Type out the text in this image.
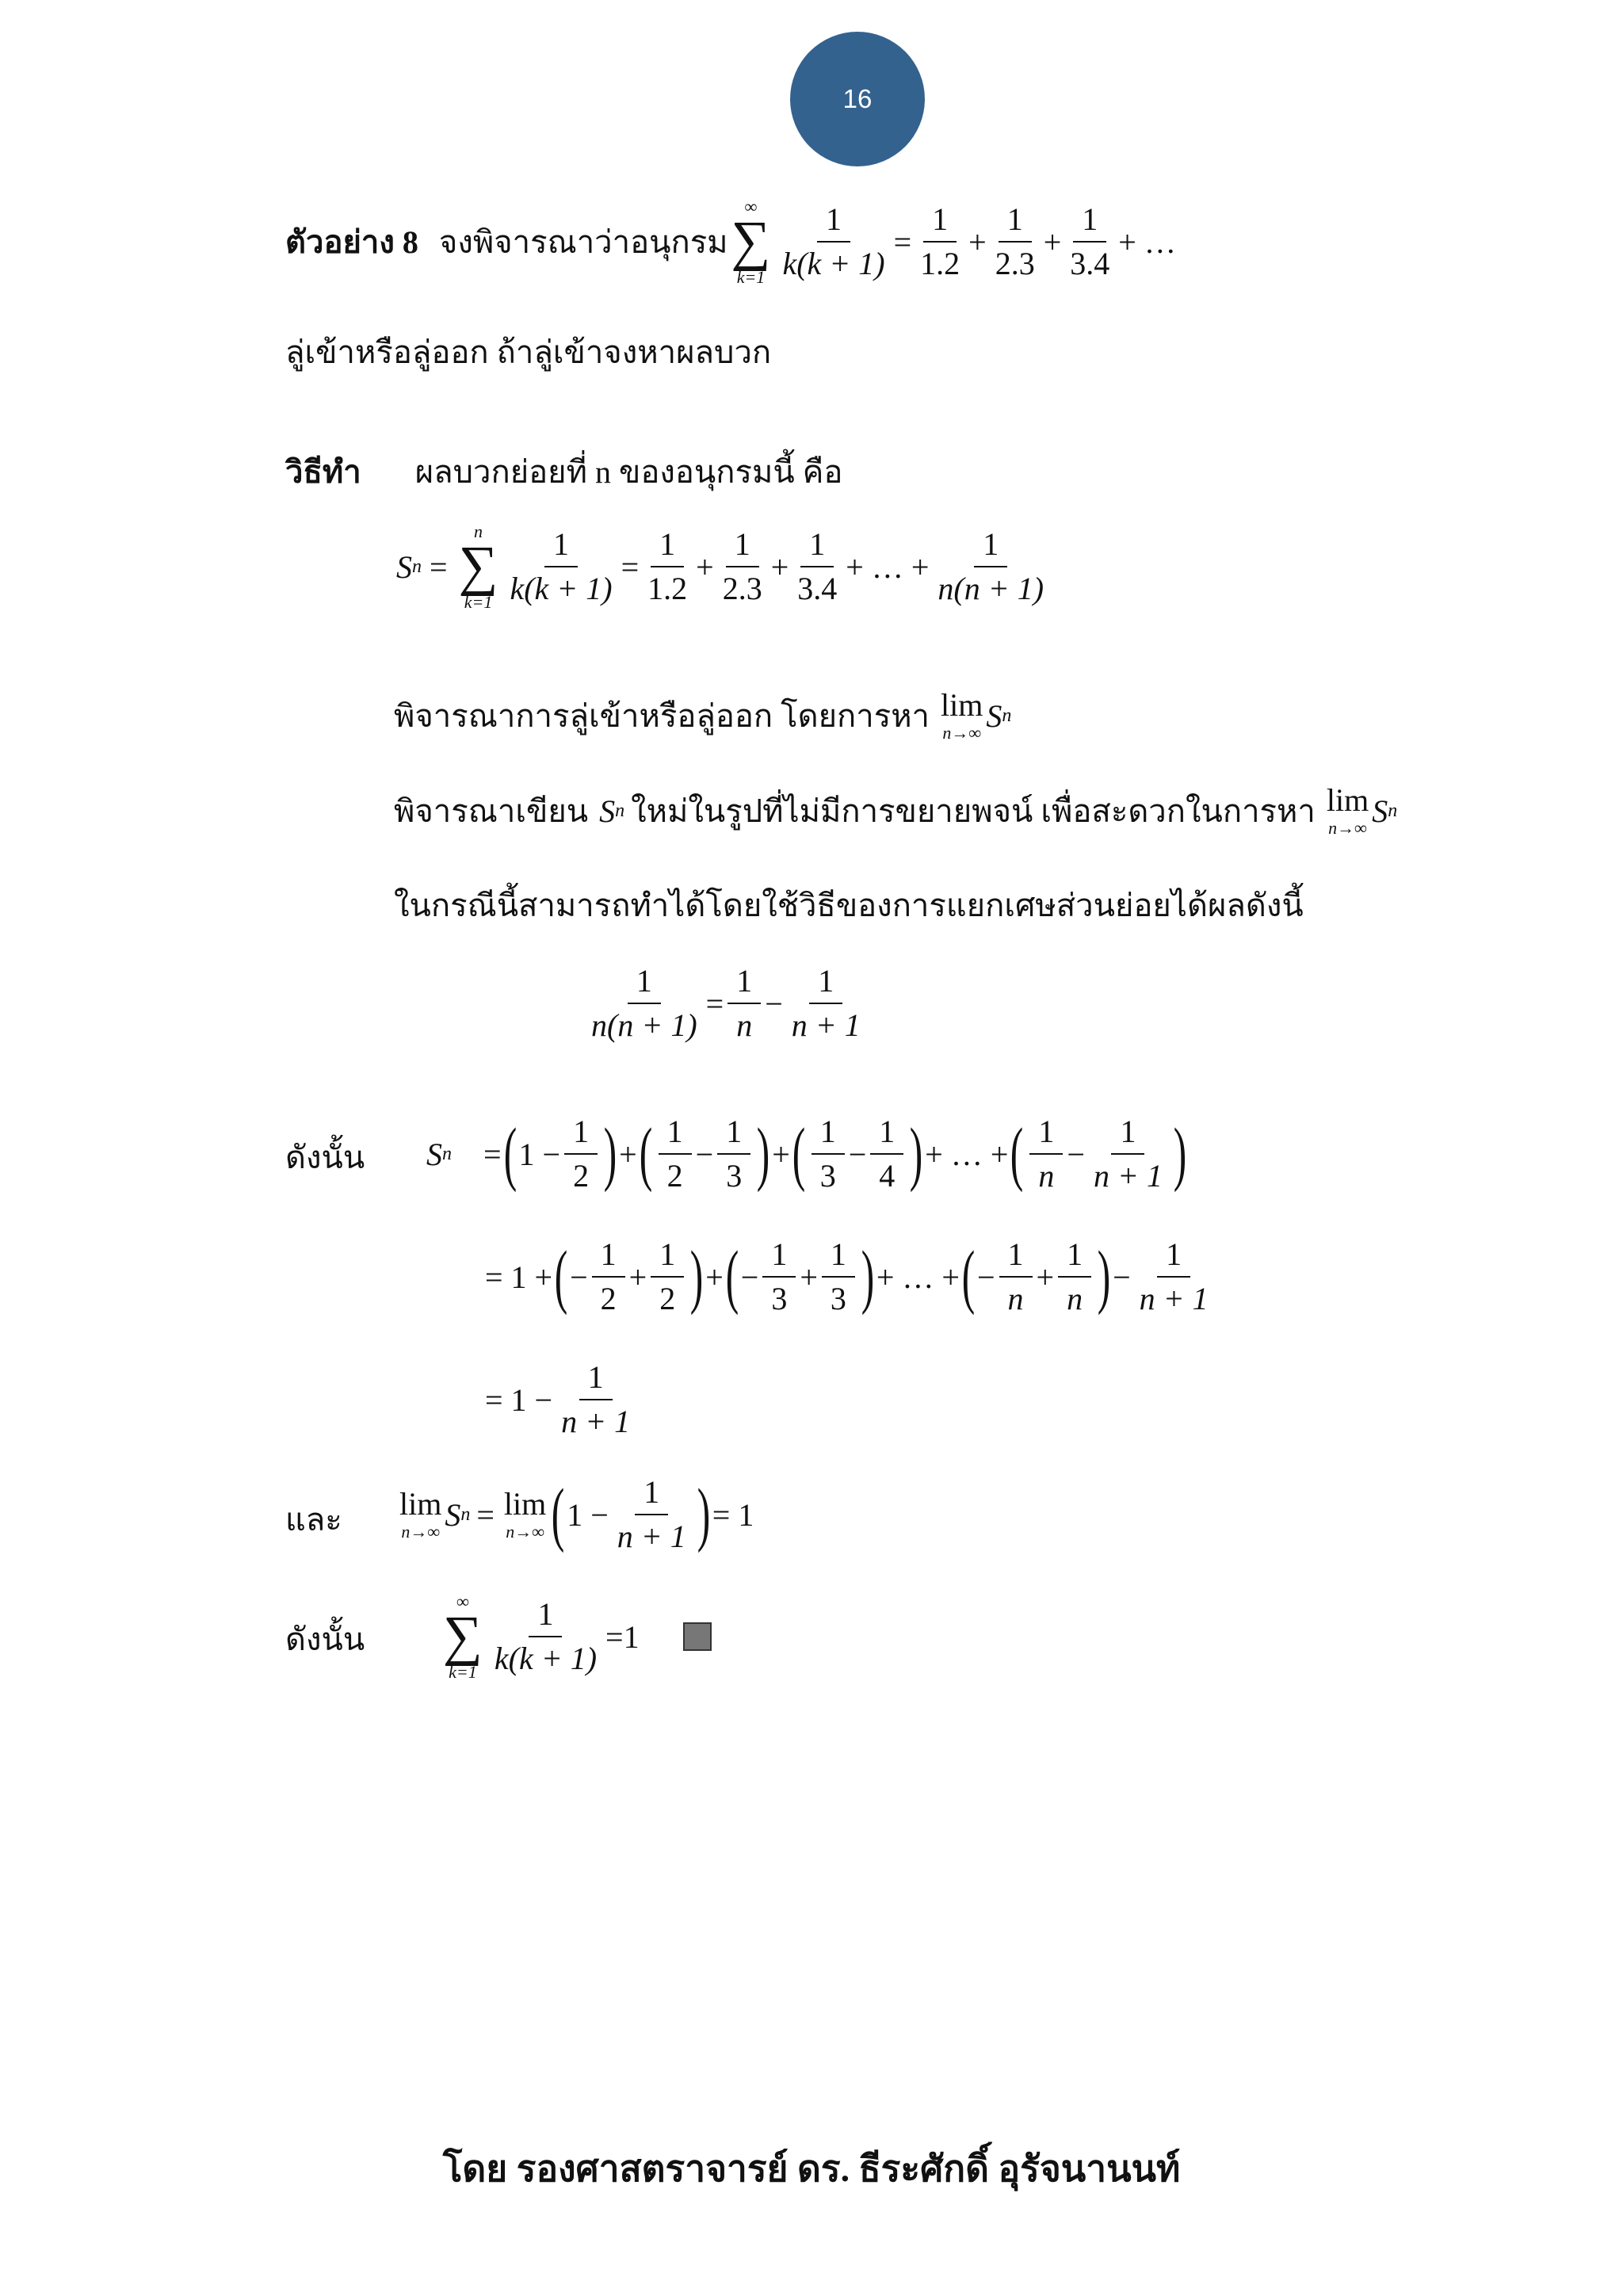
16
ตัวอย่าง 8 จงพิจารณาว่าอนุกรม
∞
∑
$k=1 \frac{1}{k(k + 1)} = \frac{1}{1.2} + \frac{1}{2.3} + \frac{1}{3.4}$ + …
ลู่เข้าหรือลู่ออก ถ้าลู่เข้าจงหาผลบวก
วิธีทำ ผลบวกย่อยที่ n ของอนุกรมนี้ คือ
S n =
n
∑
$k=1 \frac{1}{k(k + 1)} = \frac{1}{1.2} + \frac{1}{2.3} + \frac{1}{3.4}$ + … + $\frac{1}{n(n + 1)}$
พิจารณาการลู่เข้าหรือลู่ออก โดยการหา lim
n→∞ S n
พิจารณาเขียน S n ใหม่ในรูปที่ไม่มีการขยายพจน์ เพื่อสะดวกในการหา lim
n→∞ S n
ในกรณีนี้สามารถทำได้โดยใช้วิธีของการแยกเศษส่วนย่อยได้ผลดังนี้
$\frac{1}{n(n + 1)} = \frac{1}{n} - \frac{1}{n + 1}$
ดังนั้น S n = ( $1 - \frac{1}{2}$ ) + ( $\frac{1}{2} - \frac{1}{3}$ ) + ( $\frac{1}{3} - \frac{1}{4}$ ) + … + ( $\frac{1}{n} - \frac{1}{n + 1}$ )
= 1 + ( − $\frac{1}{2} + \frac{1}{2}$ ) + ( − $\frac{1}{3} + \frac{1}{3}$ ) + … + ( − $\frac{1}{n} + \frac{1}{n}$ ) − $\frac{1}{n + 1}$
= $1 - \frac{1}{n + 1}$
และ lim
n→∞ S n = lim
n→∞ ( $1 - \frac{1}{n + 1}$ ) = 1
ดังนั้น
∞
∑
$k=1 \frac{1}{k(k + 1)} = 1$
โดย รองศาสตราจารย์ ดร. ธีระศักดิ์ อุรัจนานนท์
